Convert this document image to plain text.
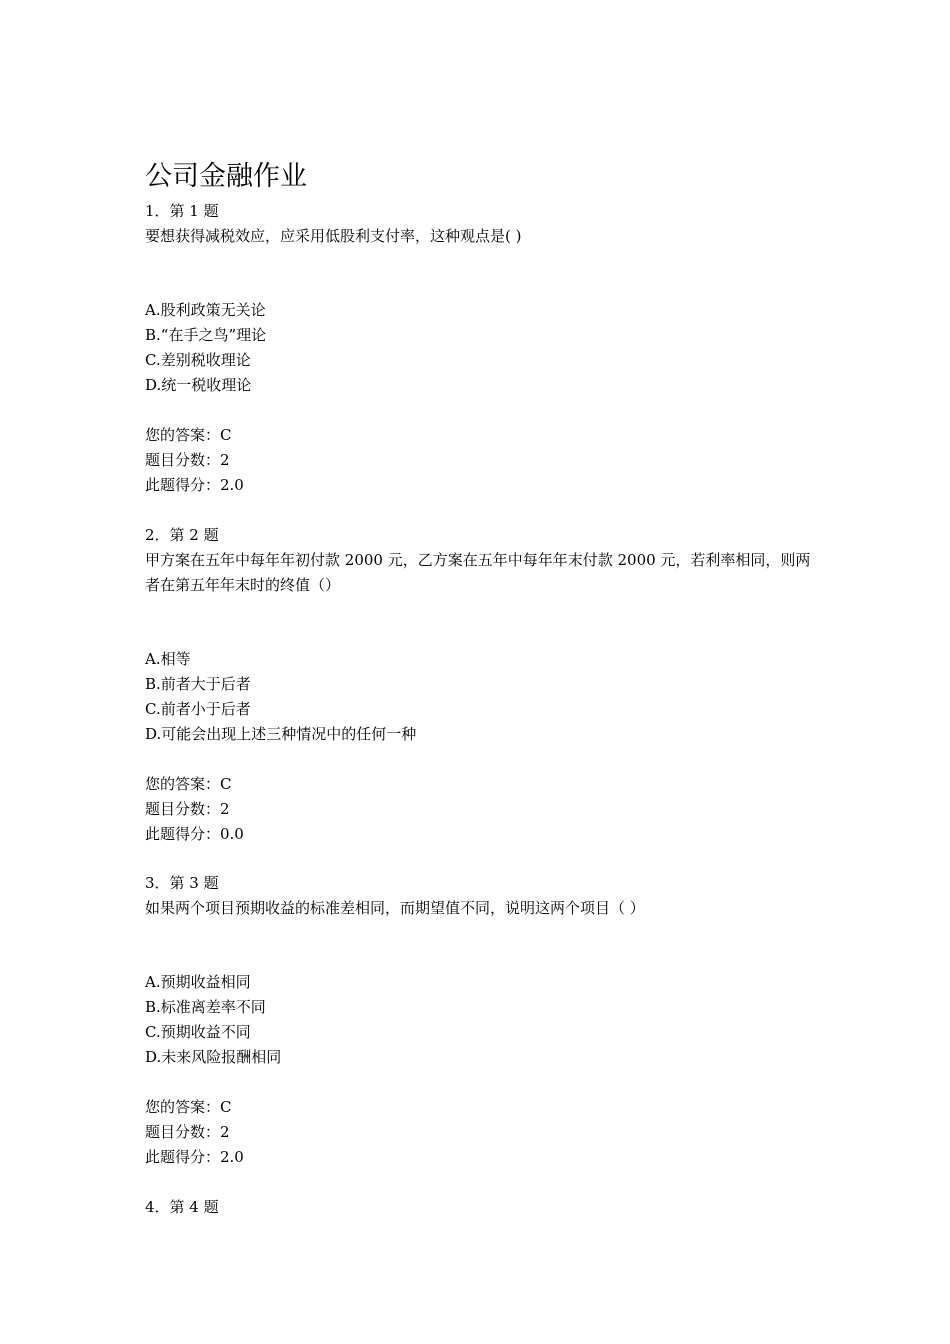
公司金融作业
1．第 1 题
要想获得减税效应，应采用低股利支付率，这种观点是( )
A.股利政策无关论
B.“在手之鸟”理论
C.差别税收理论
D.统一税收理论
您的答案：C
题目分数：2
此题得分：2.0
2．第 2 题
甲方案在五年中每年年初付款 2000 元，乙方案在五年中每年年末付款 2000 元，若利率相同，则两者在第五年年末时的终值（）
A.相等
B.前者大于后者
C.前者小于后者
D.可能会出现上述三种情况中的任何一种
您的答案：C
题目分数：2
此题得分：0.0
3．第 3 题
如果两个项目预期收益的标准差相同，而期望值不同，说明这两个项目（ ）
A.预期收益相同
B.标准离差率不同
C.预期收益不同
D.未来风险报酬相同
您的答案：C
题目分数：2
此题得分：2.0
4．第 4 题
